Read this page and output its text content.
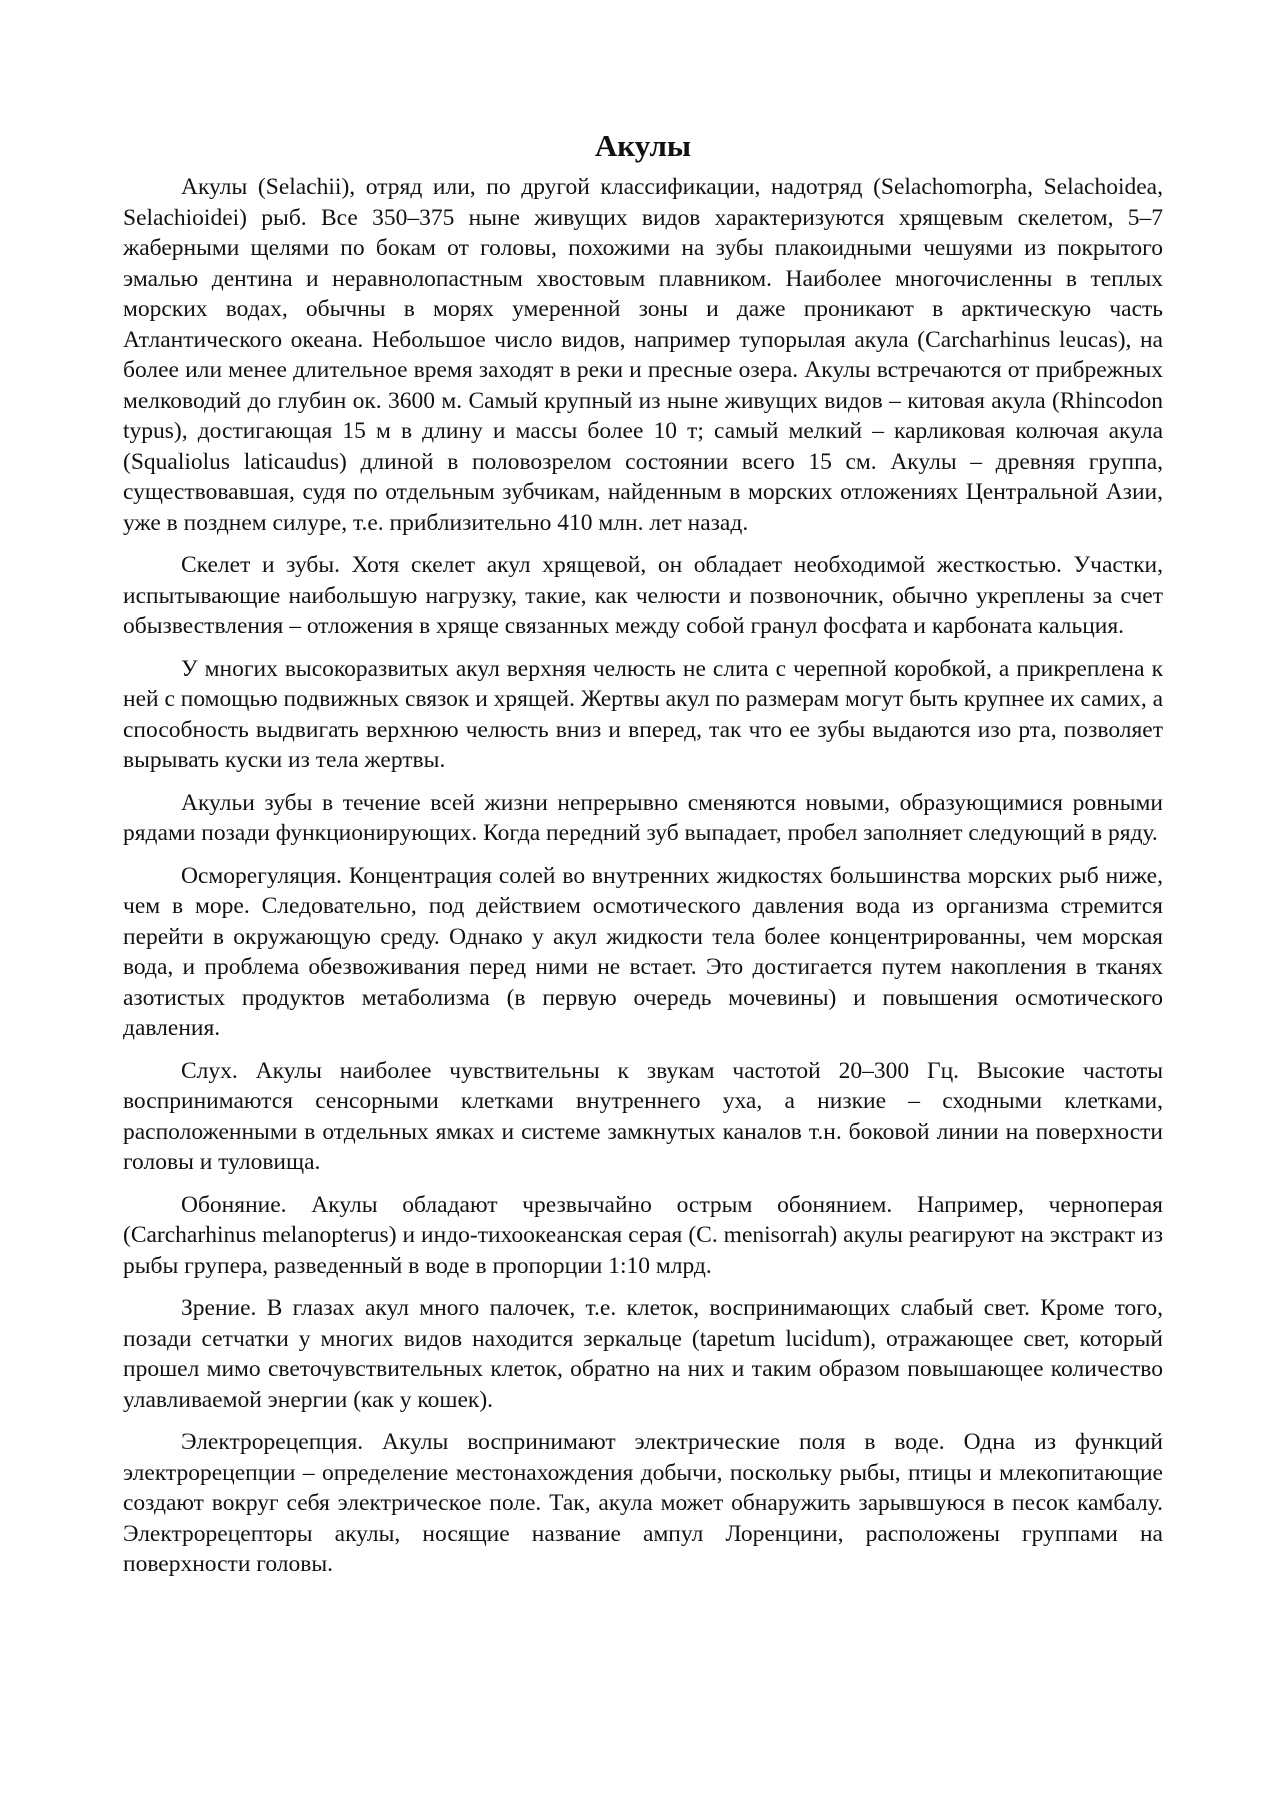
Акулы

Акулы (Selachii), отряд или, по другой классификации, надотряд (Selachomorpha, Selachoidea, Selachioidei) рыб. Все 350–375 ныне живущих видов характеризуются хрящевым скелетом, 5–7 жаберными щелями по бокам от головы, похожими на зубы плакоидными чешуями из покрытого эмалью дентина и неравнолопастным хвостовым плавником. Наиболее многочисленны в теплых морских водах, обычны в морях умеренной зоны и даже проникают в арктическую часть Атлантического океана. Небольшое число видов, например тупорылая акула (Carcharhinus leucas), на более или менее длительное время заходят в реки и пресные озера. Акулы встречаются от прибрежных мелководий до глубин ок. 3600 м. Самый крупный из ныне живущих видов – китовая акула (Rhincodon typus), достигающая 15 м в длину и массы более 10 т; самый мелкий – карликовая колючая акула (Squaliolus laticaudus) длиной в половозрелом состоянии всего 15 см. Акулы – древняя группа, существовавшая, судя по отдельным зубчикам, найденным в морских отложениях Центральной Азии, уже в позднем силуре, т.е. приблизительно 410 млн. лет назад.

Скелет и зубы. Хотя скелет акул хрящевой, он обладает необходимой жесткостью. Участки, испытывающие наибольшую нагрузку, такие, как челюсти и позвоночник, обычно укреплены за счет обызвествления – отложения в хряще связанных между собой гранул фосфата и карбоната кальция.

У многих высокоразвитых акул верхняя челюсть не слита с черепной коробкой, а прикреплена к ней с помощью подвижных связок и хрящей. Жертвы акул по размерам могут быть крупнее их самих, а способность выдвигать верхнюю челюсть вниз и вперед, так что ее зубы выдаются изо рта, позволяет вырывать куски из тела жертвы.

Акульи зубы в течение всей жизни непрерывно сменяются новыми, образующимися ровными рядами позади функционирующих. Когда передний зуб выпадает, пробел заполняет следующий в ряду.

Осморегуляция. Концентрация солей во внутренних жидкостях большинства морских рыб ниже, чем в море. Следовательно, под действием осмотического давления вода из организма стремится перейти в окружающую среду. Однако у акул жидкости тела более концентрированны, чем морская вода, и проблема обезвоживания перед ними не встает. Это достигается путем накопления в тканях азотистых продуктов метаболизма (в первую очередь мочевины) и повышения осмотического давления.

Слух. Акулы наиболее чувствительны к звукам частотой 20–300 Гц. Высокие частоты воспринимаются сенсорными клетками внутреннего уха, а низкие – сходными клетками, расположенными в отдельных ямках и системе замкнутых каналов т.н. боковой линии на поверхности головы и туловища.

Обоняние. Акулы обладают чрезвычайно острым обонянием. Например, черноперая (Carcharhinus melanopterus) и индо-тихоокеанская серая (C. menisorrah) акулы реагируют на экстракт из рыбы групера, разведенный в воде в пропорции 1:10 млрд.

Зрение. В глазах акул много палочек, т.е. клеток, воспринимающих слабый свет. Кроме того, позади сетчатки у многих видов находится зеркальце (tapetum lucidum), отражающее свет, который прошел мимо светочувствительных клеток, обратно на них и таким образом повышающее количество улавливаемой энергии (как у кошек).

Электрорецепция. Акулы воспринимают электрические поля в воде. Одна из функций электрорецепции – определение местонахождения добычи, поскольку рыбы, птицы и млекопитающие создают вокруг себя электрическое поле. Так, акула может обнаружить зарывшуюся в песок камбалу. Электрорецепторы акулы, носящие название ампул Лоренцини, расположены группами на поверхности головы.
